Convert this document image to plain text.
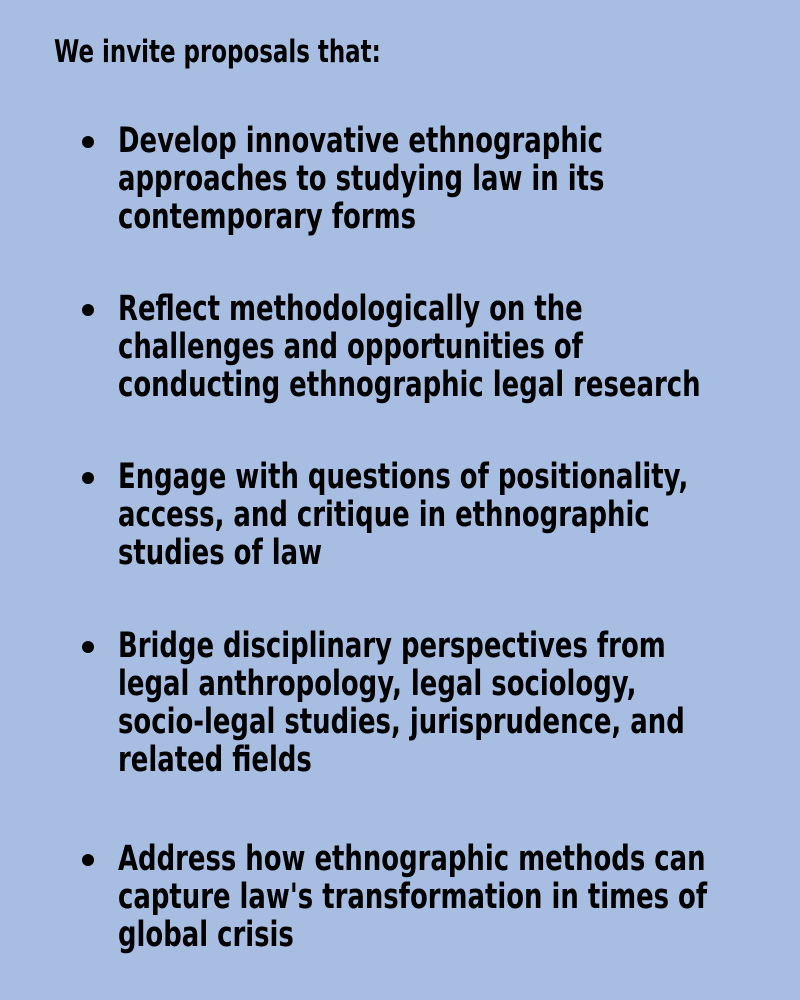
We invite proposals that:

Develop innovative ethnographic
approaches to studying law in its
contemporary forms

Reflect methodologically on the
challenges and opportunities of
conducting ethnographic legal research

Engage with questions of positionality,
access, and critique in ethnographic
studies of law

Bridge disciplinary perspectives from
legal anthropology, legal sociology,
socio-legal studies, jurisprudence, and
related fields

Address how ethnographic methods can
capture law's transformation in times of
global crisis
